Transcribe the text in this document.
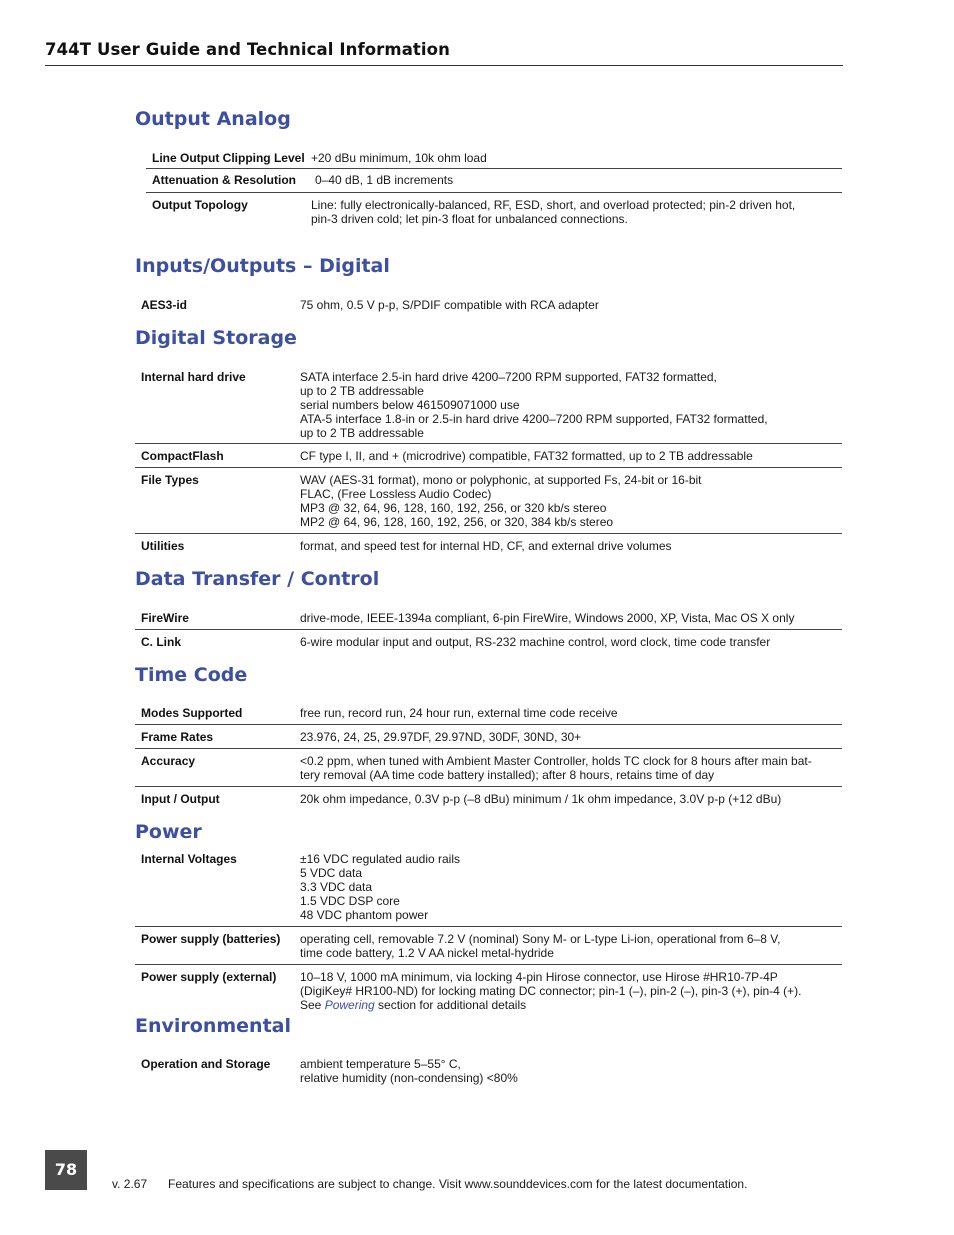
744T User Guide and Technical Information
Output Analog
Line Output Clipping Level	+20 dBu minimum, 10k ohm load
Attenuation & Resolution	0–40 dB, 1 dB increments
Output Topology	Line: fully electronically-balanced, RF, ESD, short, and overload protected; pin-2 driven hot,
pin-3 driven cold; let pin-3 float for unbalanced connections.
Inputs/Outputs – Digital
AES3-id	75 ohm, 0.5 V p-p, S/PDIF compatible with RCA adapter
Digital Storage
Internal hard drive	SATA interface 2.5-in hard drive 4200–7200 RPM supported, FAT32 formatted,
up to 2 TB addressable
serial numbers below 461509071000 use
ATA-5 interface 1.8-in or 2.5-in hard drive 4200–7200 RPM supported, FAT32 formatted,
up to 2 TB addressable
CompactFlash	CF type I, II, and + (microdrive) compatible, FAT32 formatted, up to 2 TB addressable
File Types	WAV (AES-31 format), mono or polyphonic, at supported Fs, 24-bit or 16-bit
FLAC, (Free Lossless Audio Codec)
MP3 @ 32, 64, 96, 128, 160, 192, 256, or 320 kb/s stereo
MP2 @ 64, 96, 128, 160, 192, 256, or 320, 384 kb/s stereo
Utilities	format, and speed test for internal HD, CF, and external drive volumes
Data Transfer / Control
FireWire	drive-mode, IEEE-1394a compliant, 6-pin FireWire, Windows 2000, XP, Vista, Mac OS X only
C. Link	6-wire modular input and output, RS-232 machine control, word clock, time code transfer
Time Code
Modes Supported	free run, record run, 24 hour run, external time code receive
Frame Rates	23.976, 24, 25, 29.97DF, 29.97ND, 30DF, 30ND, 30+
Accuracy	<0.2 ppm, when tuned with Ambient Master Controller, holds TC clock for 8 hours after main bat-
tery removal (AA time code battery installed); after 8 hours, retains time of day
Input / Output	20k ohm impedance, 0.3V p-p (–8 dBu) minimum / 1k ohm impedance, 3.0V p-p (+12 dBu)
Power
Internal Voltages	±16 VDC regulated audio rails
5 VDC data
3.3 VDC data
1.5 VDC DSP core
48 VDC phantom power
Power supply (batteries)	operating cell, removable 7.2 V (nominal) Sony M- or L-type Li-ion, operational from 6–8 V,
time code battery, 1.2 V AA nickel metal-hydride
Power supply (external)	10–18 V, 1000 mA minimum, via locking 4-pin Hirose connector, use Hirose #HR10-7P-4P
(DigiKey# HR100-ND) for locking mating DC connector; pin-1 (–), pin-2 (–), pin-3 (+), pin-4 (+).
See Powering section for additional details
Environmental
Operation and Storage	ambient temperature 5–55° C,
relative humidity (non-condensing) <80%
78
v. 2.67 Features and specifications are subject to change. Visit www.sounddevices.com for the latest documentation.
